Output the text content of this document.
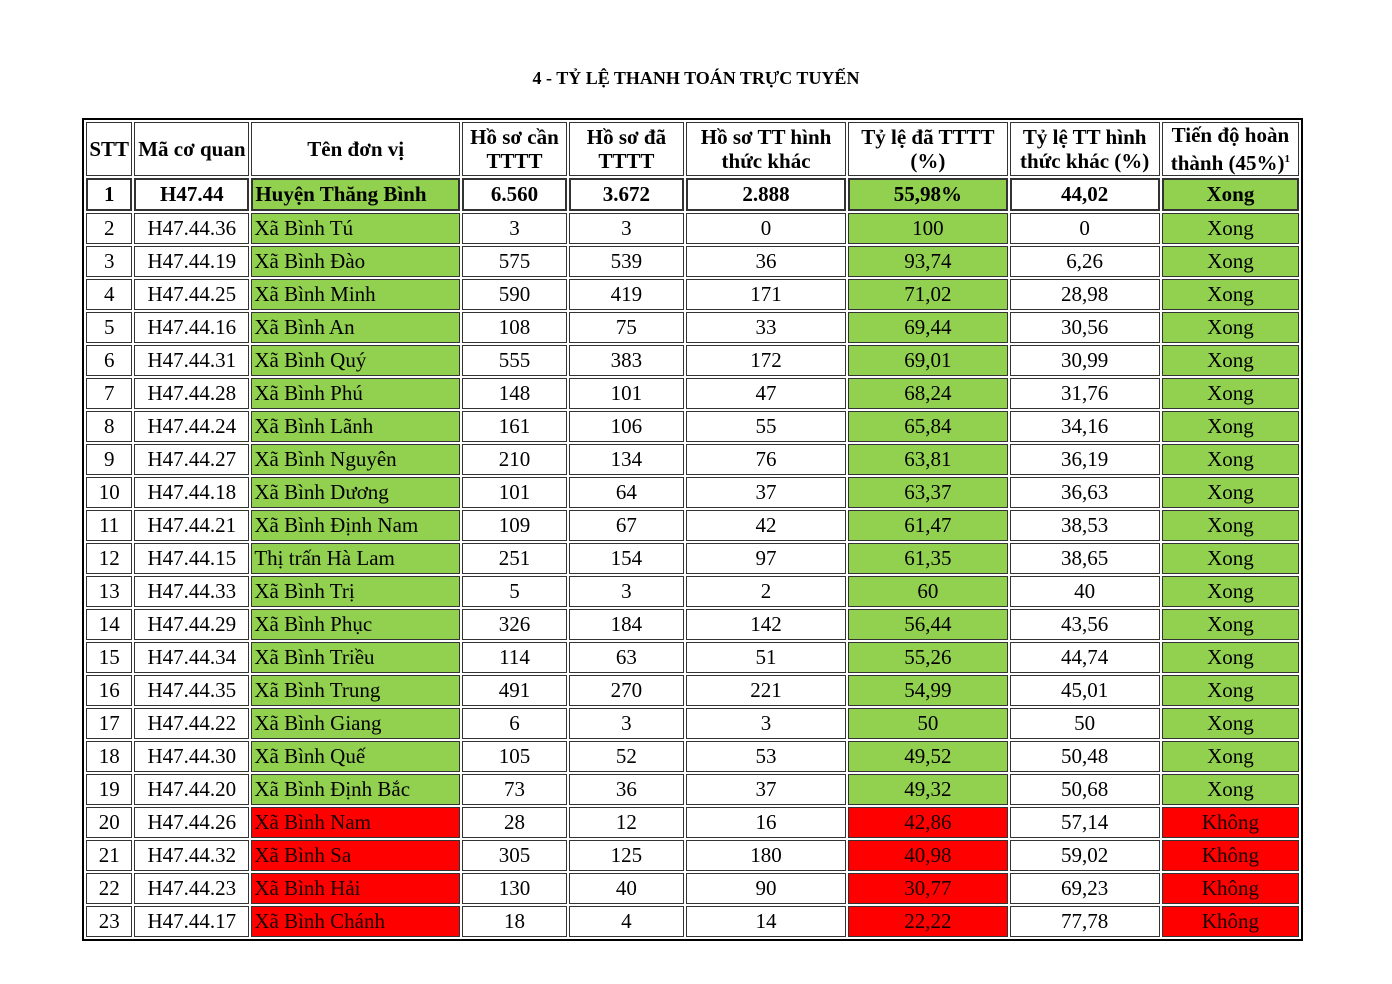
4 - TỶ LỆ THANH TOÁN TRỰC TUYẾN
STT	Mã cơ quan	Tên đơn vị	Hồ sơ cần TTTT	Hồ sơ đã TTTT	Hồ sơ TT hình thức khác	Tỷ lệ đã TTTT (%)	Tỷ lệ TT hình thức khác (%)	Tiến độ hoàn thành $(45\%)^1$
1	H47.44	Huyện Thăng Bình	6.560	3.672	2.888	55,98%	44,02	Xong
2	H47.44.36	Xã Bình Tú	3	3	0	100	0	Xong
3	H47.44.19	Xã Bình Đào	575	539	36	93,74	6,26	Xong
4	H47.44.25	Xã Bình Minh	590	419	171	71,02	28,98	Xong
5	H47.44.16	Xã Bình An	108	75	33	69,44	30,56	Xong
6	H47.44.31	Xã Bình Quý	555	383	172	69,01	30,99	Xong
7	H47.44.28	Xã Bình Phú	148	101	47	68,24	31,76	Xong
8	H47.44.24	Xã Bình Lãnh	161	106	55	65,84	34,16	Xong
9	H47.44.27	Xã Bình Nguyên	210	134	76	63,81	36,19	Xong
10	H47.44.18	Xã Bình Dương	101	64	37	63,37	36,63	Xong
11	H47.44.21	Xã Bình Định Nam	109	67	42	61,47	38,53	Xong
12	H47.44.15	Thị trấn Hà Lam	251	154	97	61,35	38,65	Xong
13	H47.44.33	Xã Bình Trị	5	3	2	60	40	Xong
14	H47.44.29	Xã Bình Phục	326	184	142	56,44	43,56	Xong
15	H47.44.34	Xã Bình Triều	114	63	51	55,26	44,74	Xong
16	H47.44.35	Xã Bình Trung	491	270	221	54,99	45,01	Xong
17	H47.44.22	Xã Bình Giang	6	3	3	50	50	Xong
18	H47.44.30	Xã Bình Quế	105	52	53	49,52	50,48	Xong
19	H47.44.20	Xã Bình Định Bắc	73	36	37	49,32	50,68	Xong
20	H47.44.26	Xã Bình Nam	28	12	16	42,86	57,14	Không
21	H47.44.32	Xã Bình Sa	305	125	180	40,98	59,02	Không
22	H47.44.23	Xã Bình Hải	130	40	90	30,77	69,23	Không
23	H47.44.17	Xã Bình Chánh	18	4	14	22,22	77,78	Không
